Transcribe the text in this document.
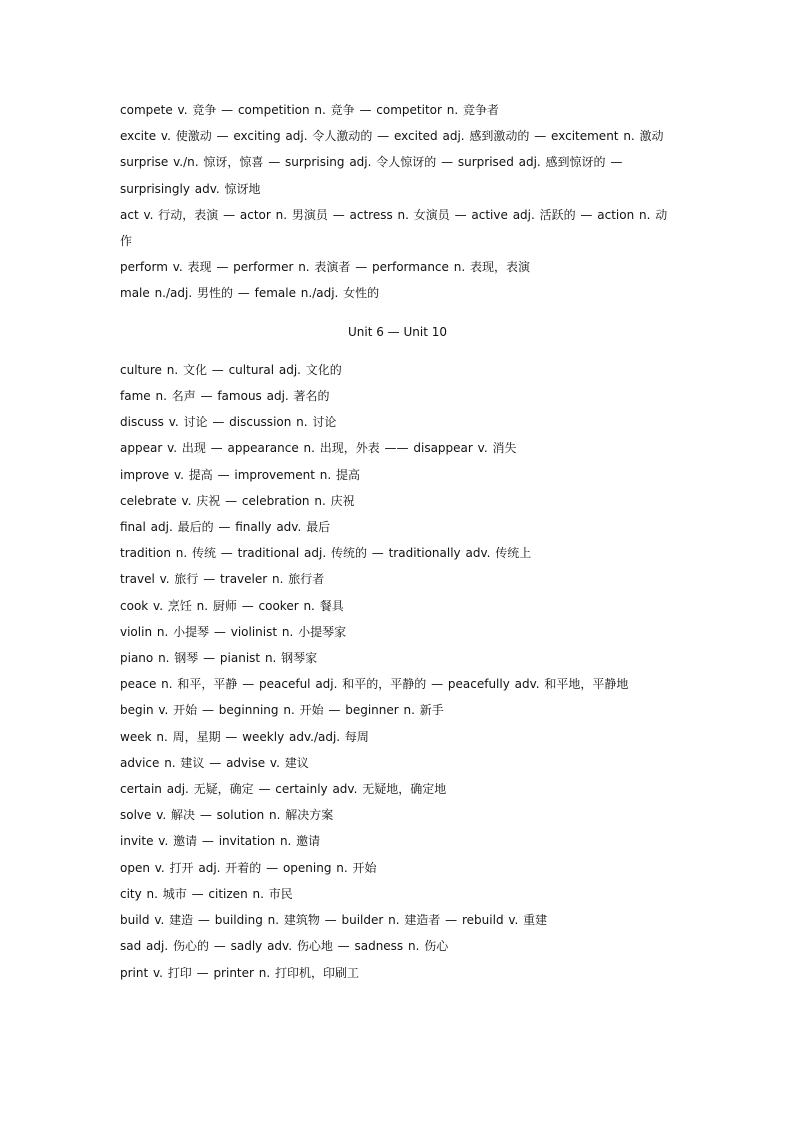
compete v. 竞争 — competition n. 竞争 — competitor n. 竞争者
excite v. 使激动 — exciting adj. 令人激动的 — excited adj. 感到激动的 — excitement n. 激动
surprise v./n. 惊讶，惊喜 — surprising adj. 令人惊讶的 — surprised adj. 感到惊讶的 — surprisingly adv. 惊讶地
act v. 行动，表演 — actor n. 男演员 — actress n. 女演员 — active adj. 活跃的 — action n. 动作
perform v. 表现 — performer n. 表演者 — performance n. 表现，表演
male n./adj. 男性的 — female n./adj. 女性的
Unit 6 — Unit 10
culture n. 文化 — cultural adj. 文化的
fame n. 名声 — famous adj. 著名的
discuss v. 讨论 — discussion n. 讨论
appear v. 出现 — appearance n. 出现，外表 —— disappear v. 消失
improve v. 提高 — improvement n. 提高
celebrate v. 庆祝 — celebration n. 庆祝
final adj. 最后的 — finally adv. 最后
tradition n. 传统 — traditional adj. 传统的 — traditionally adv. 传统上
travel v. 旅行 — traveler n. 旅行者
cook v. 烹饪 n. 厨师 — cooker n. 餐具
violin n. 小提琴 — violinist n. 小提琴家
piano n. 钢琴 — pianist n. 钢琴家
peace n. 和平，平静 — peaceful adj. 和平的，平静的 — peacefully adv. 和平地，平静地
begin v. 开始 — beginning n. 开始 — beginner n. 新手
week n. 周，星期 — weekly adv./adj. 每周
advice n. 建议 — advise v. 建议
certain adj. 无疑，确定 — certainly adv. 无疑地，确定地
solve v. 解决 — solution n. 解决方案
invite v. 邀请 — invitation n. 邀请
open v. 打开 adj. 开着的 — opening n. 开始
city n. 城市 — citizen n. 市民
build v. 建造 — building n. 建筑物 — builder n. 建造者 — rebuild v. 重建
sad adj. 伤心的 — sadly adv. 伤心地 — sadness n. 伤心
print v. 打印 — printer n. 打印机，印刷工
